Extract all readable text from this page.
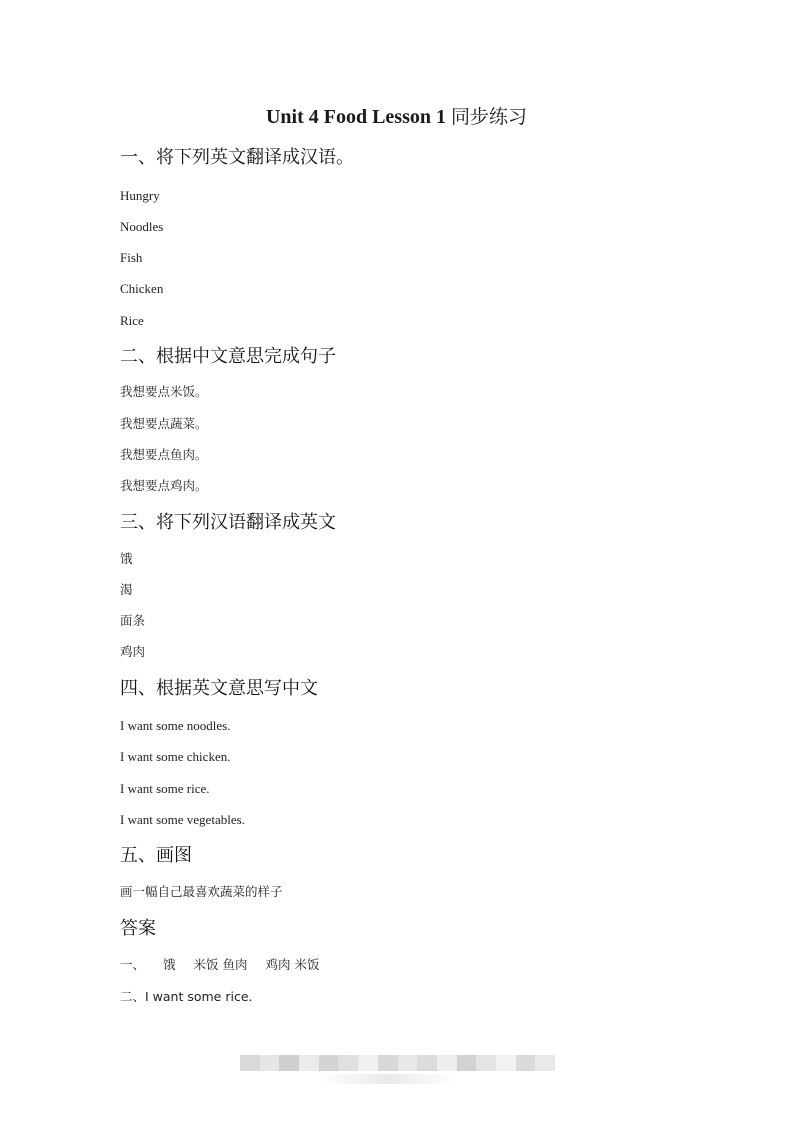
Unit 4 Food Lesson 1 同步练习
一、将下列英文翻译成汉语。
Hungry
Noodles
Fish
Chicken
Rice
二、根据中文意思完成句子
我想要点米饭。
我想要点蔬菜。
我想要点鱼肉。
我想要点鸡肉。
三、将下列汉语翻译成英文
饿
渴
面条
鸡肉
四、根据英文意思写中文
I want some noodles.
I want some chicken.
I want some rice.
I want some vegetables.
五、画图
画一幅自己最喜欢蔬菜的样子
答案
一、 饿 米饭 鱼肉 鸡肉 米饭
二、I want some rice.
